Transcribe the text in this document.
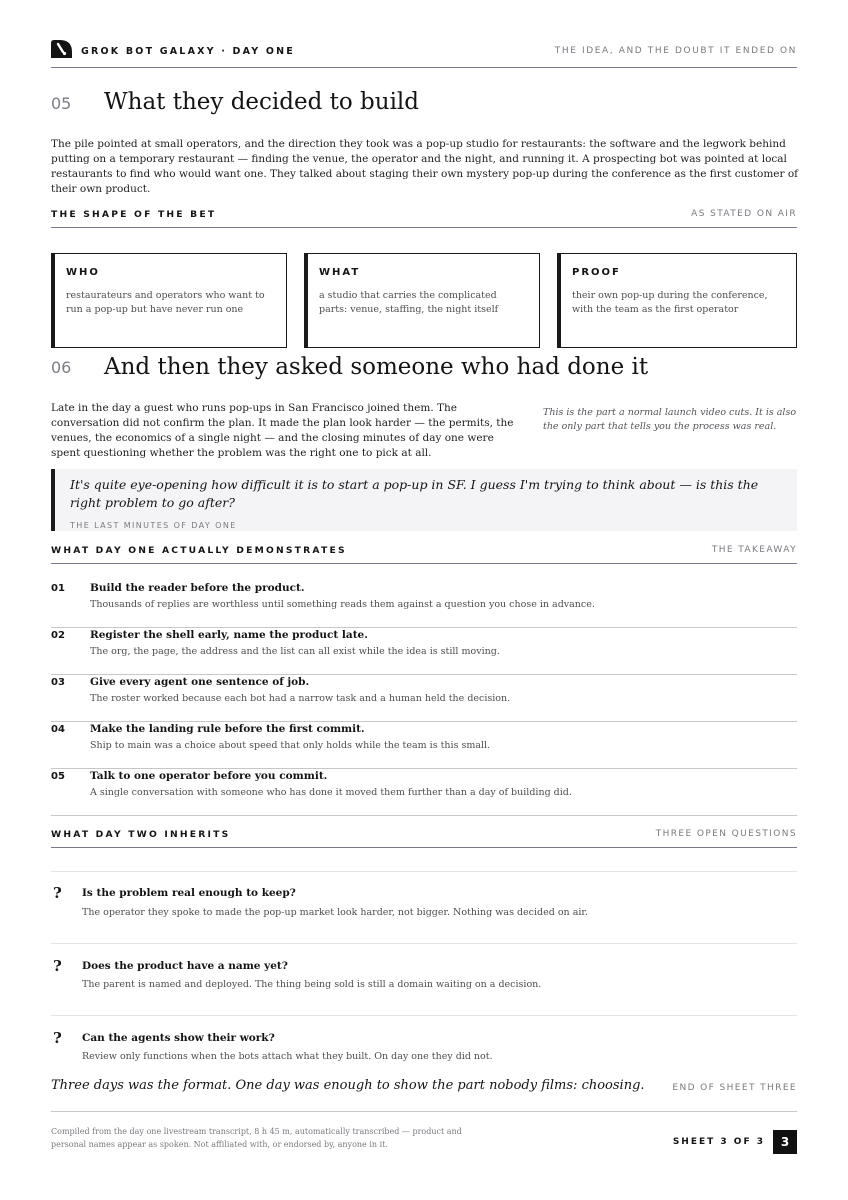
GROK BOT GALAXY · DAY ONE	THE IDEA, AND THE DOUBT IT ENDED ON
05 What they decided to build
The pile pointed at small operators, and the direction they took was a pop-up studio for restaurants: the software and the legwork behind putting on a temporary restaurant — finding the venue, the operator and the night, and running it. A prospecting bot was pointed at local restaurants to find who would want one. They talked about staging their own mystery pop-up during the conference as the first customer of their own product.
THE SHAPE OF THE BET	AS STATED ON AIR
WHO
restaurateurs and operators who want to run a pop-up but have never run one
WHAT
a studio that carries the complicated parts: venue, staffing, the night itself
PROOF
their own pop-up during the conference, with the team as the first operator
06 And then they asked someone who had done it
Late in the day a guest who runs pop-ups in San Francisco joined them. The conversation did not confirm the plan. It made the plan look harder — the permits, the venues, the economics of a single night — and the closing minutes of day one were spent questioning whether the problem was the right one to pick at all.
This is the part a normal launch video cuts. It is also the only part that tells you the process was real.
It's quite eye-opening how difficult it is to start a pop-up in SF. I guess I'm trying to think about — is this the right problem to go after?
THE LAST MINUTES OF DAY ONE
WHAT DAY ONE ACTUALLY DEMONSTRATES	THE TAKEAWAY
01 Build the reader before the product.
Thousands of replies are worthless until something reads them against a question you chose in advance.
02 Register the shell early, name the product late.
The org, the page, the address and the list can all exist while the idea is still moving.
03 Give every agent one sentence of job.
The roster worked because each bot had a narrow task and a human held the decision.
04 Make the landing rule before the first commit.
Ship to main was a choice about speed that only holds while the team is this small.
05 Talk to one operator before you commit.
A single conversation with someone who has done it moved them further than a day of building did.
WHAT DAY TWO INHERITS	THREE OPEN QUESTIONS
? Is the problem real enough to keep?
The operator they spoke to made the pop-up market look harder, not bigger. Nothing was decided on air.
? Does the product have a name yet?
The parent is named and deployed. The thing being sold is still a domain waiting on a decision.
? Can the agents show their work?
Review only functions when the bots attach what they built. On day one they did not.
Three days was the format. One day was enough to show the part nobody films: choosing.	END OF SHEET THREE
Compiled from the day one livestream transcript, 8 h 45 m, automatically transcribed — product and personal names appear as spoken. Not affiliated with, or endorsed by, anyone in it.	SHEET 3 OF 3	3
